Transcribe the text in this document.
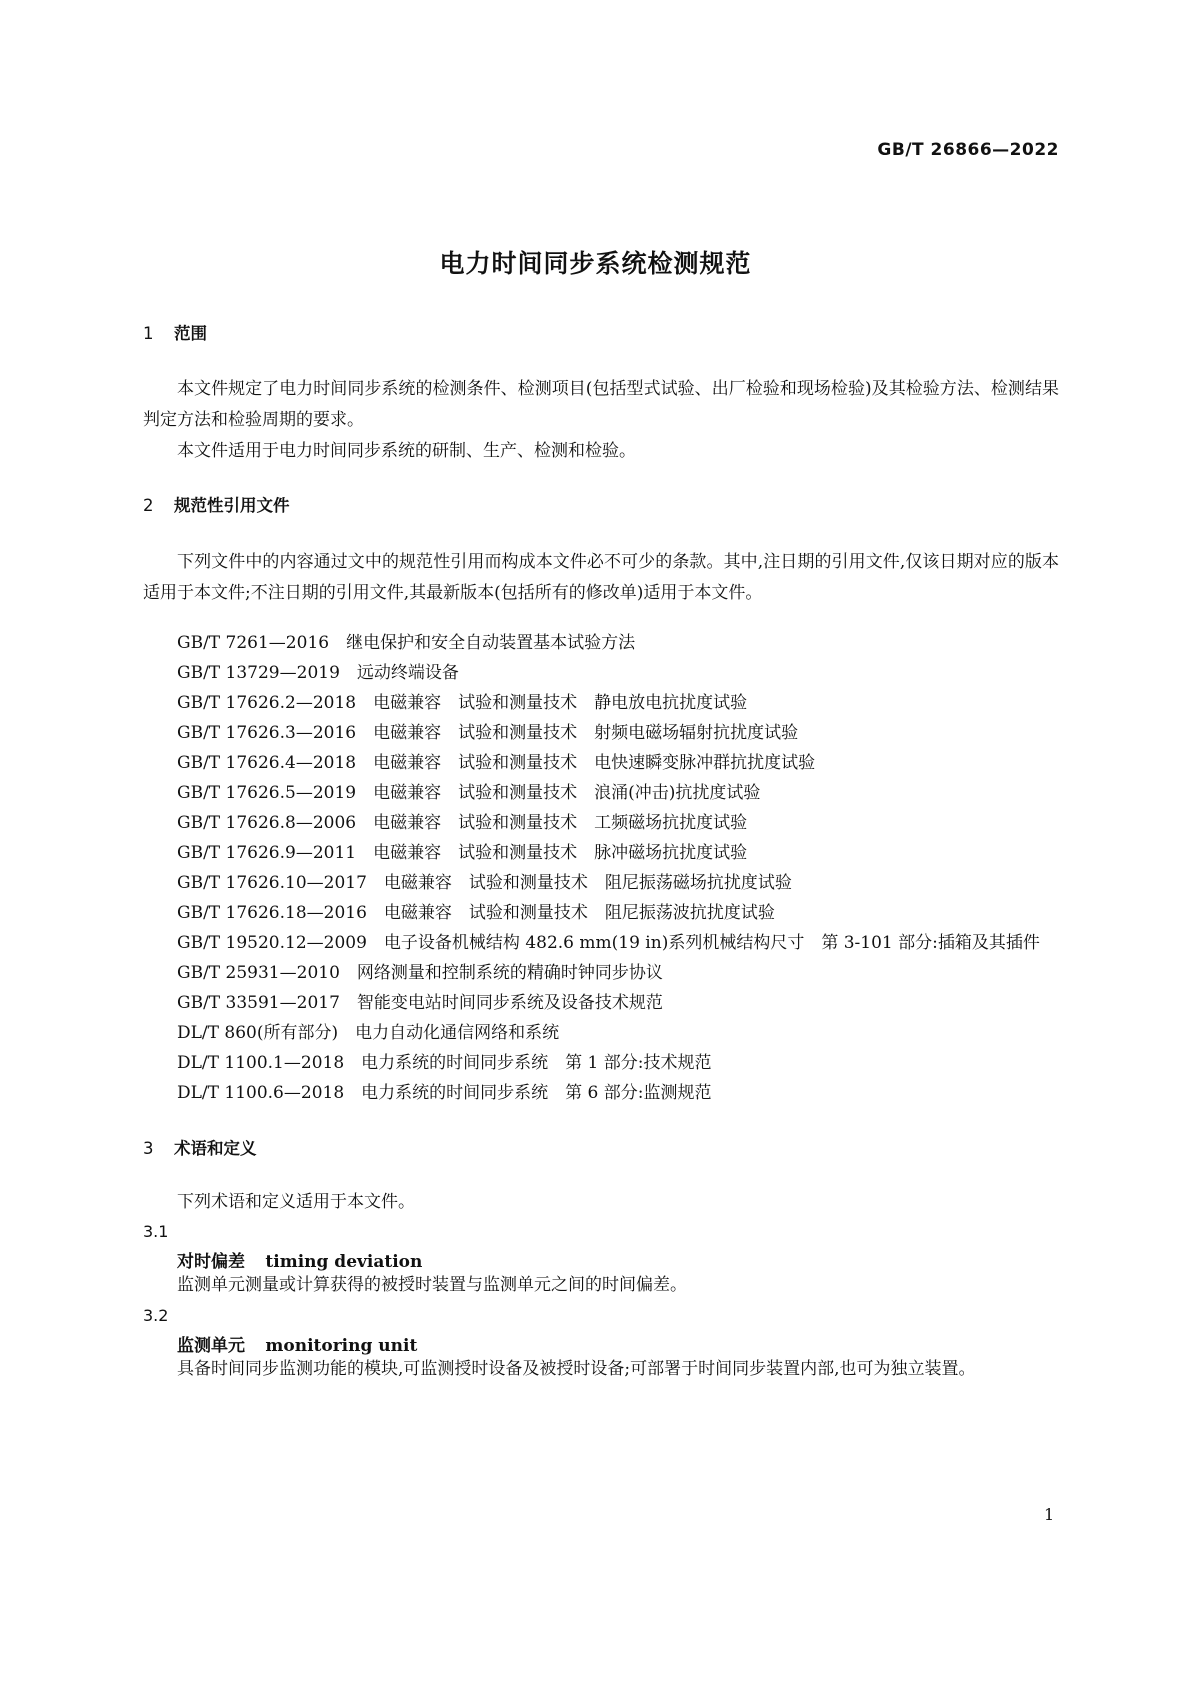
GB/T 26866—2022
电力时间同步系统检测规范
1 范围

本文件规定了电力时间同步系统的检测条件、检测项目(包括型式试验、出厂检验和现场检验)及其检验方法、检测结果判定方法和检验周期的要求。

本文件适用于电力时间同步系统的研制、生产、检测和检验。

2 规范性引用文件

下列文件中的内容通过文中的规范性引用而构成本文件必不可少的条款。其中,注日期的引用文件,仅该日期对应的版本适用于本文件;不注日期的引用文件,其最新版本(包括所有的修改单)适用于本文件。

GB/T 7261—2016 继电保护和安全自动装置基本试验方法
GB/T 13729—2019 远动终端设备
GB/T 17626.2—2018 电磁兼容　试验和测量技术　静电放电抗扰度试验
GB/T 17626.3—2016 电磁兼容　试验和测量技术　射频电磁场辐射抗扰度试验
GB/T 17626.4—2018 电磁兼容　试验和测量技术　电快速瞬变脉冲群抗扰度试验
GB/T 17626.5—2019 电磁兼容　试验和测量技术　浪涌(冲击)抗扰度试验
GB/T 17626.8—2006 电磁兼容　试验和测量技术　工频磁场抗扰度试验
GB/T 17626.9—2011 电磁兼容　试验和测量技术　脉冲磁场抗扰度试验
GB/T 17626.10—2017 电磁兼容　试验和测量技术　阻尼振荡磁场抗扰度试验
GB/T 17626.18—2016 电磁兼容　试验和测量技术　阻尼振荡波抗扰度试验
GB/T 19520.12—2009 电子设备机械结构 482.6 mm(19 in)系列机械结构尺寸　第 3-101 部分:插箱及其插件
GB/T 25931—2010 网络测量和控制系统的精确时钟同步协议
GB/T 33591—2017 智能变电站时间同步系统及设备技术规范
DL/T 860(所有部分) 电力自动化通信网络和系统
DL/T 1100.1—2018 电力系统的时间同步系统　第 1 部分:技术规范
DL/T 1100.6—2018 电力系统的时间同步系统　第 6 部分:监测规范
3 术语和定义

下列术语和定义适用于本文件。

3.1
对时偏差 timing deviation

监测单元测量或计算获得的被授时装置与监测单元之间的时间偏差。

3.2
监测单元 monitoring unit

具备时间同步监测功能的模块,可监测授时设备及被授时设备;可部署于时间同步装置内部,也可为独立装置。

1
